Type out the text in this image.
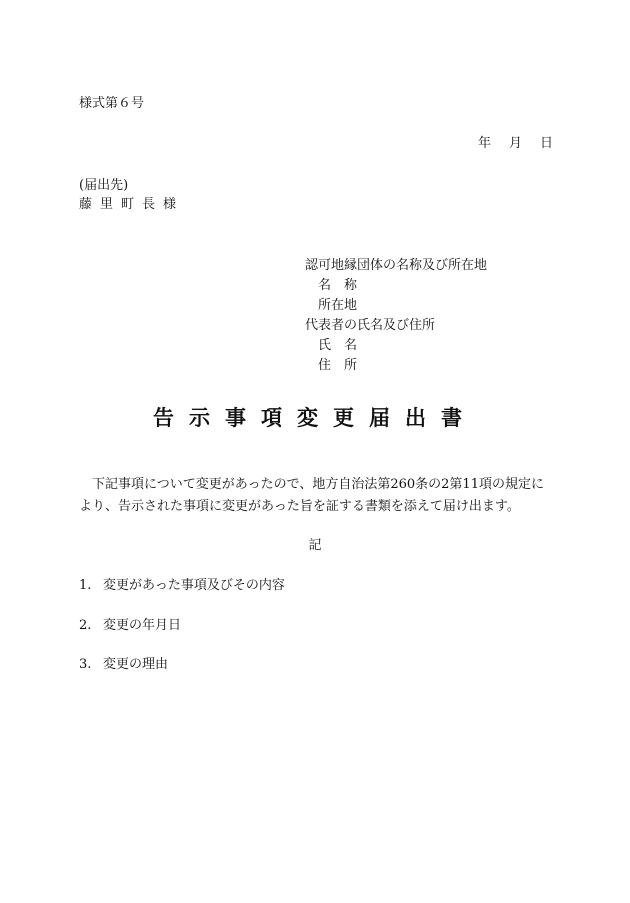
様式第６号
年 月 日
(届出先)
藤里町長様
認可地縁団体の名称及び所在地
名　称
所在地
代表者の氏名及び住所
氏　名
住　所
告示事項変更届出書
下記事項について変更があったので、地方自治法第260条の2第11項の規定により、告示された事項に変更があった旨を証する書類を添えて届け出ます。
記
1. 変更があった事項及びその内容
2. 変更の年月日
3. 変更の理由
